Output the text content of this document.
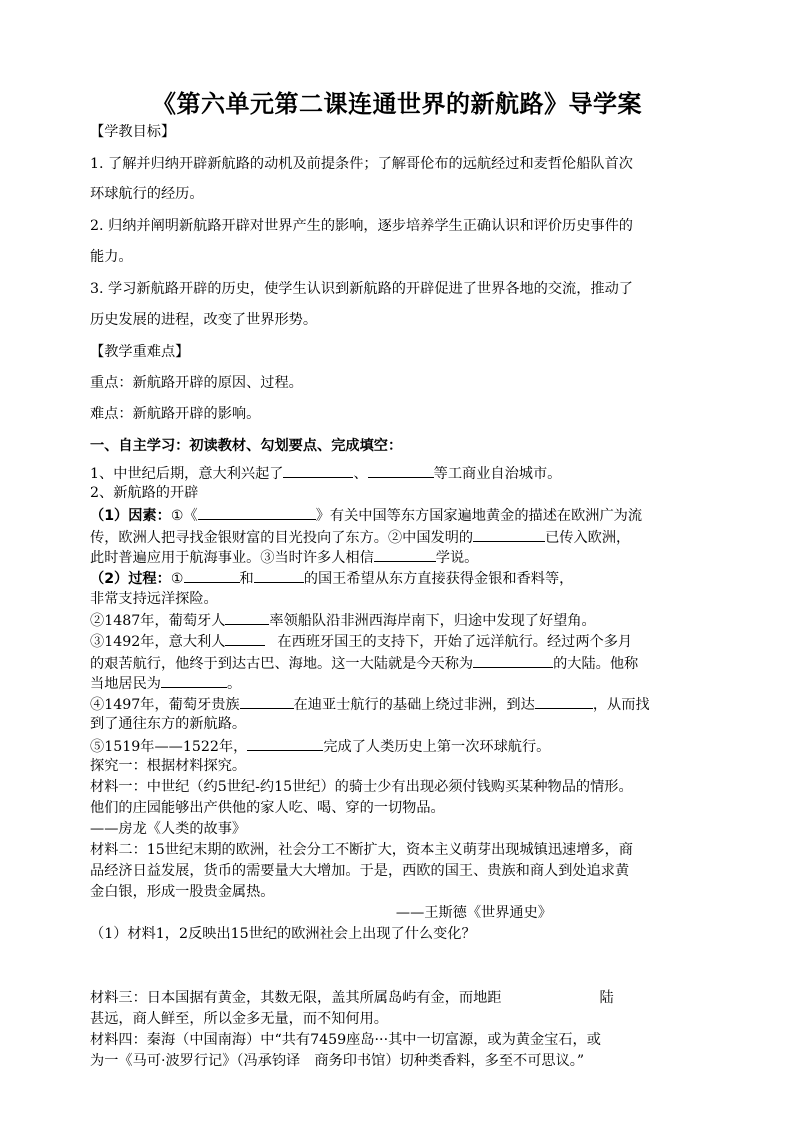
《第六单元第二课连通世界的新航路》导学案
【学教目标】
1. 了解并归纳开辟新航路的动机及前提条件；了解哥伦布的远航经过和麦哲伦船队首次
环球航行的经历。
2. 归纳并阐明新航路开辟对世界产生的影响，逐步培养学生正确认识和评价历史事件的
能力。
3. 学习新航路开辟的历史，使学生认识到新航路的开辟促进了世界各地的交流，推动了
历史发展的进程，改变了世界形势。
【教学重难点】
重点：新航路开辟的原因、过程。
难点：新航路开辟的影响。
一、自主学习：初读教材、勾划要点、完成填空：
1、中世纪后期，意大利兴起了	、	等工商业自治城市。
2、新航路的开辟
（1）因素：①《	》有关中国等东方国家遍地黄金的描述在欧洲广为流
传，欧洲人把寻找金银财富的目光投向了东方。②中国发明的	已传入欧洲，
此时普遍应用于航海事业。③当时许多人相信	学说。
（2）过程：①	和	的国王希望从东方直接获得金银和香料等，
非常支持远洋探险。
②1487年，葡萄牙人	率领船队沿非洲西海岸南下，归途中发现了好望角。
③1492年，意大利人	在西班牙国王的支持下，开始了远洋航行。经过两个多月
的艰苦航行，他终于到达古巴、海地。这一大陆就是今天称为	的大陆。他称
当地居民为	。
④1497年，葡萄牙贵族	在迪亚士航行的基础上绕过非洲，到达	，从而找
到了通往东方的新航路。
⑤1519年——1522年，	完成了人类历史上第一次环球航行。
探究一：根据材料探究。
材料一：中世纪（约5世纪-约15世纪）的骑士少有出现必须付钱购买某种物品的情形。
他们的庄园能够出产供他的家人吃、喝、穿的一切物品。
——房龙《人类的故事》
材料二：15世纪末期的欧洲，社会分工不断扩大，资本主义萌芽出现城镇迅速增多，商
品经济日益发展，货币的需要量大大增加。于是，西欧的国王、贵族和商人到处追求黄
金白银，形成一股贵金属热。
——王斯德《世界通史》
（1）材料1，2反映出15世纪的欧洲社会上出现了什么变化？
材料三：日本国据有黄金，其数无限，盖其所属岛屿有金，而地距	陆
甚远，商人鲜至，所以金多无量，而不知何用。
材料四：秦海（中国南海）中“共有7459座岛···其中一切富源，或为黄金宝石，或
为一《马可·波罗行记》（冯承钧译　商务印书馆）切种类香料，多至不可思议。”
